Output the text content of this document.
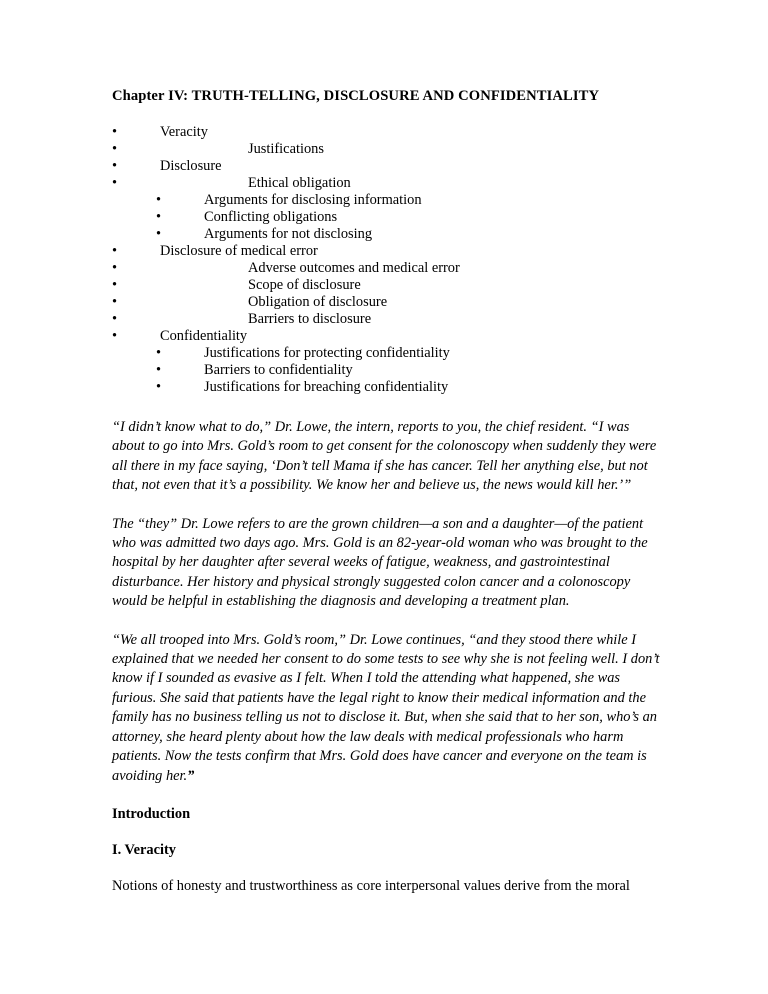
Chapter IV: TRUTH-TELLING, DISCLOSURE AND CONFIDENTIALITY
•	Veracity
•	Justifications
•	Disclosure
•	Ethical obligation
•	Arguments for disclosing information
•	Conflicting obligations
•	Arguments for not disclosing
•	Disclosure of medical error
•	Adverse outcomes and medical error
•	Scope of disclosure
•	Obligation of disclosure
•	Barriers to disclosure
•	Confidentiality
•	Justifications for protecting confidentiality
•	Barriers to confidentiality
•	Justifications for breaching confidentiality
“I didn’t know what to do,” Dr. Lowe, the intern, reports to you, the chief resident. “I was about to go into Mrs. Gold’s room to get consent for the colonoscopy when suddenly they were all there in my face saying, ‘Don’t tell Mama if she has cancer. Tell her anything else, but not that, not even that it’s a possibility. We know her and believe us, the news would kill her.’”
The “they” Dr. Lowe refers to are the grown children—a son and a daughter—of the patient who was admitted two days ago. Mrs. Gold is an 82-year-old woman who was brought to the hospital by her daughter after several weeks of fatigue, weakness, and gastrointestinal disturbance. Her history and physical strongly suggested colon cancer and a colonoscopy would be helpful in establishing the diagnosis and developing a treatment plan.
“We all trooped into Mrs. Gold’s room,” Dr. Lowe continues, “and they stood there while I explained that we needed her consent to do some tests to see why she is not feeling well. I don’t know if I sounded as evasive as I felt. When I told the attending what happened, she was furious. She said that patients have the legal right to know their medical information and the family has no business telling us not to disclose it. But, when she said that to her son, who’s an attorney, she heard plenty about how the law deals with medical professionals who harm patients. Now the tests confirm that Mrs. Gold does have cancer and everyone on the team is avoiding her.”
Introduction
I. Veracity
Notions of honesty and trustworthiness as core interpersonal values derive from the moral
